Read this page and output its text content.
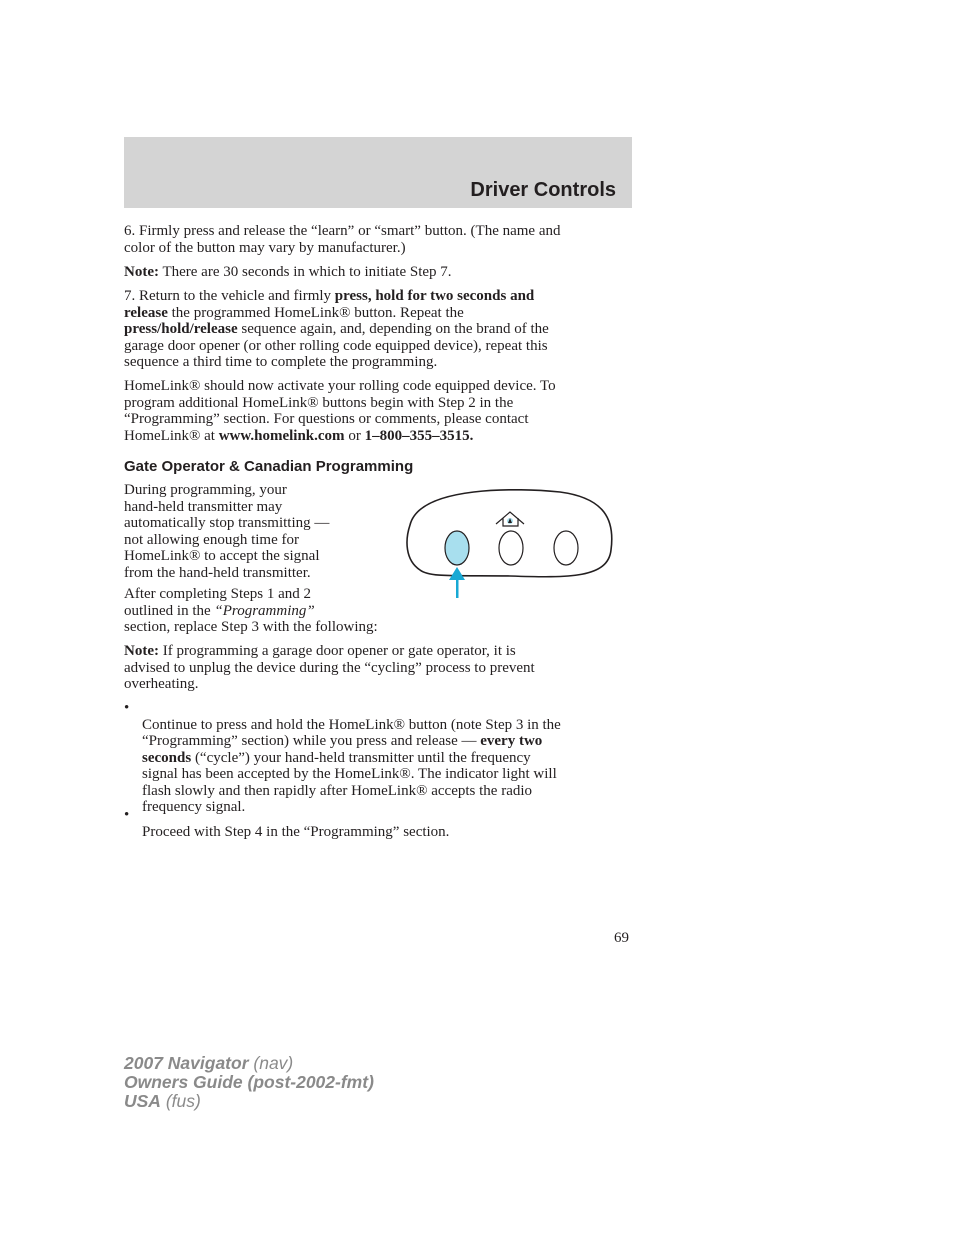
Driver Controls
6. Firmly press and release the “learn” or “smart” button. (The name and
color of the button may vary by manufacturer.)
Note: There are 30 seconds in which to initiate Step 7.
7. Return to the vehicle and firmly press, hold for two seconds and
release the programmed HomeLink® button. Repeat the
press/hold/release sequence again, and, depending on the brand of the
garage door opener (or other rolling code equipped device), repeat this
sequence a third time to complete the programming.
HomeLink® should now activate your rolling code equipped device. To
program additional HomeLink® buttons begin with Step 2 in the
“Programming” section. For questions or comments, please contact
HomeLink® at www.homelink.com or 1–800–355–3515.
Gate Operator & Canadian Programming
During programming, your
hand-held transmitter may
automatically stop transmitting —
not allowing enough time for
HomeLink® to accept the signal
from the hand-held transmitter.
After completing Steps 1 and 2
outlined in the “Programming”
section, replace Step 3 with the following:
Note: If programming a garage door opener or gate operator, it is
advised to unplug the device during the “cycling” process to prevent
overheating.
•
Continue to press and hold the HomeLink® button (note Step 3 in the
“Programming” section) while you press and release — every two
seconds (“cycle”) your hand-held transmitter until the frequency
signal has been accepted by the HomeLink®. The indicator light will
flash slowly and then rapidly after HomeLink® accepts the radio
frequency signal.
•
Proceed with Step 4 in the “Programming” section.
69
2007 Navigator (nav)
Owners Guide (post-2002-fmt)
USA (fus)
